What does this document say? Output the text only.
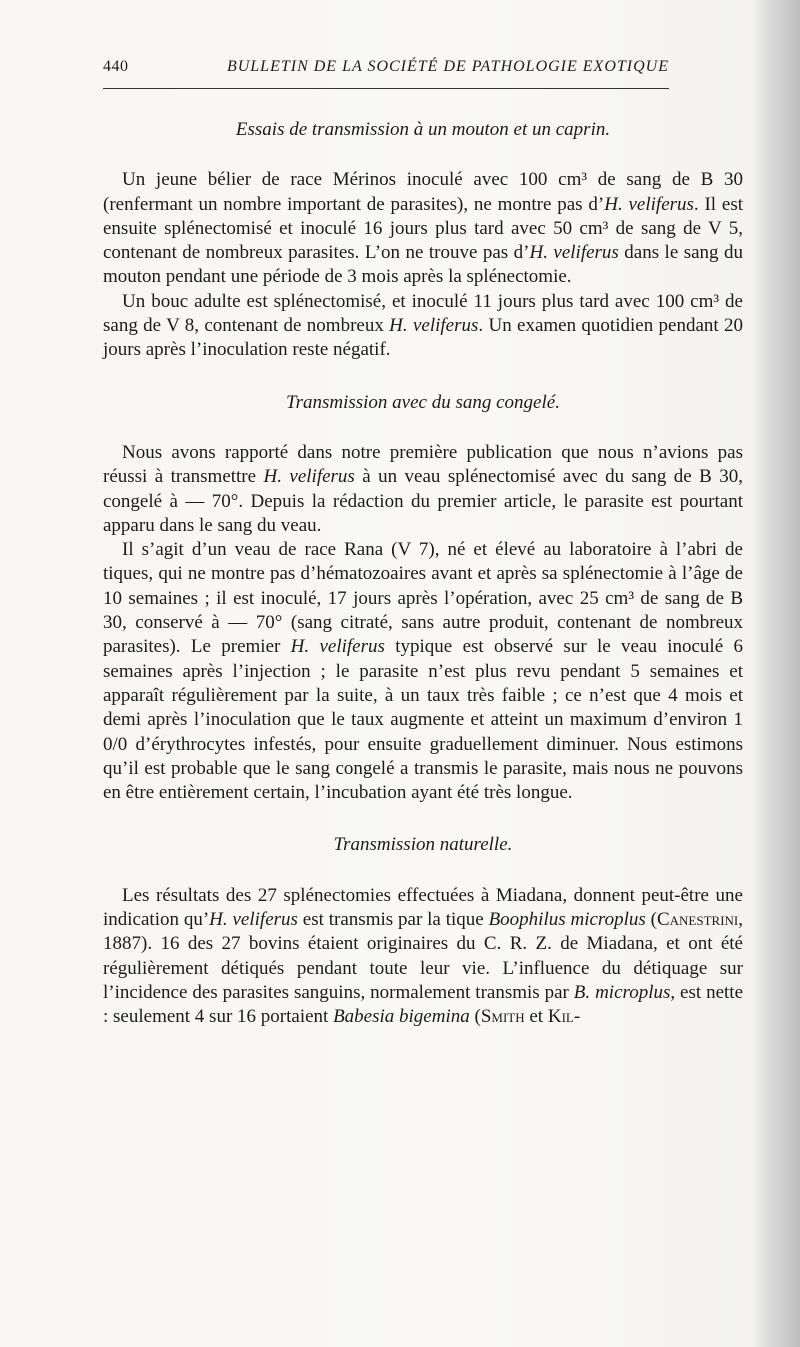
440	BULLETIN DE LA SOCIÉTÉ DE PATHOLOGIE EXOTIQUE
Essais de transmission à un mouton et un caprin.

Un jeune bélier de race Mérinos inoculé avec 100 cm³ de sang de B 30 (renfermant un nombre important de parasites), ne montre pas d’H. veliferus. Il est ensuite splénectomisé et inoculé 16 jours plus tard avec 50 cm³ de sang de V 5, contenant de nombreux parasites. L’on ne trouve pas d’H. veliferus dans le sang du mouton pendant une période de 3 mois après la splénectomie.

Un bouc adulte est splénectomisé, et inoculé 11 jours plus tard avec 100 cm³ de sang de V 8, contenant de nombreux H. veliferus. Un examen quotidien pendant 20 jours après l’inoculation reste négatif.

Transmission avec du sang congelé.

Nous avons rapporté dans notre première publication que nous n’avions pas réussi à transmettre H. veliferus à un veau splénectomisé avec du sang de B 30, congelé à — 70°. Depuis la rédaction du premier article, le parasite est pourtant apparu dans le sang du veau.

Il s’agit d’un veau de race Rana (V 7), né et élevé au laboratoire à l’abri de tiques, qui ne montre pas d’hématozoaires avant et après sa splénectomie à l’âge de 10 semaines ; il est inoculé, 17 jours après l’opération, avec 25 cm³ de sang de B 30, conservé à — 70° (sang citraté, sans autre produit, contenant de nombreux parasites). Le premier H. veliferus typique est observé sur le veau inoculé 6 semaines après l’injection ; le parasite n’est plus revu pendant 5 semaines et apparaît régulièrement par la suite, à un taux très faible ; ce n’est que 4 mois et demi après l’inoculation que le taux augmente et atteint un maximum d’environ 1 0/0 d’érythrocytes infestés, pour ensuite graduellement diminuer. Nous estimons qu’il est probable que le sang congelé a transmis le parasite, mais nous ne pouvons en être entièrement certain, l’incubation ayant été très longue.

Transmission naturelle.

Les résultats des 27 splénectomies effectuées à Miadana, donnent peut-être une indication qu’H. veliferus est transmis par la tique Boophilus microplus (Canestrini, 1887). 16 des 27 bovins étaient originaires du C. R. Z. de Miadana, et ont été régulièrement détiqués pendant toute leur vie. L’influence du détiquage sur l’incidence des parasites sanguins, normalement transmis par B. microplus, est nette : seulement 4 sur 16 portaient Babesia bigemina (Smith et Kil-
